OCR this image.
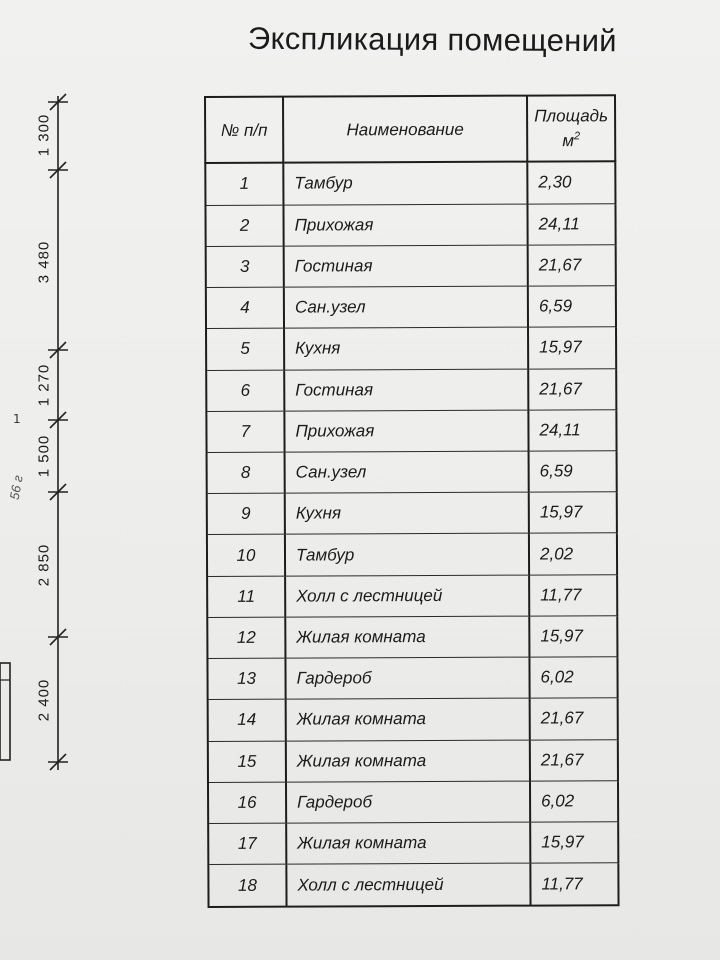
Экспликация помещений
1 300
3 480
1 270
1 500
2 850
2 400
1
56 г
№ п/п	Наименование	Площадь
$м^2$
1	Тамбур	2,30
2	Прихожая	24,11
3	Гостиная	21,67
4	Сан.узел	6,59
5	Кухня	15,97
6	Гостиная	21,67
7	Прихожая	24,11
8	Сан.узел	6,59
9	Кухня	15,97
10	Тамбур	2,02
11	Холл с лестницей	11,77
12	Жилая комната	15,97
13	Гардероб	6,02
14	Жилая комната	21,67
15	Жилая комната	21,67
16	Гардероб	6,02
17	Жилая комната	15,97
18	Холл с лестницей	11,77
